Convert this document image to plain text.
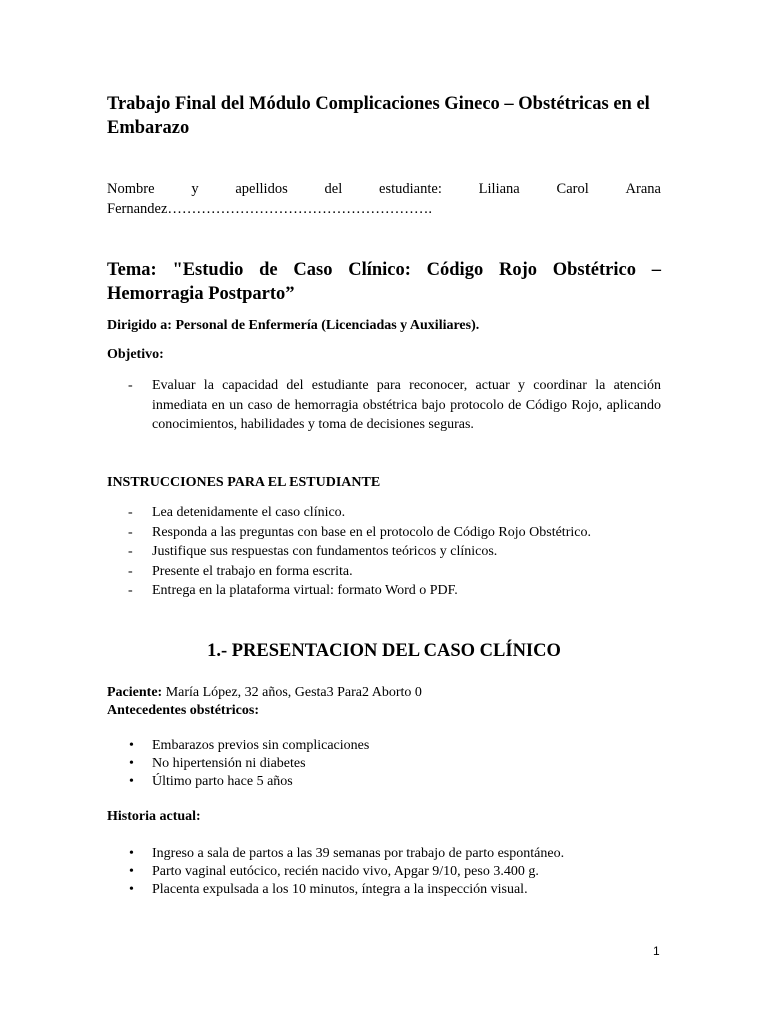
Trabajo Final del Módulo Complicaciones Gineco – Obstétricas en el Embarazo
Nombre	y	apellidos	del	estudiante:	Liliana	Carol	Arana
Fernandez……………………………………………….
Tema: "Estudio de Caso Clínico: Código Rojo Obstétrico –
Hemorragia Postparto”
Dirigido a: Personal de Enfermería (Licenciadas y Auxiliares).
Objetivo:
- Evaluar la capacidad del estudiante para reconocer, actuar y coordinar la atención inmediata en un caso de hemorragia obstétrica bajo protocolo de Código Rojo, aplicando conocimientos, habilidades y toma de decisiones seguras.
INSTRUCCIONES PARA EL ESTUDIANTE
- Lea detenidamente el caso clínico.
- Responda a las preguntas con base en el protocolo de Código Rojo Obstétrico.
- Justifique sus respuestas con fundamentos teóricos y clínicos.
- Presente el trabajo en forma escrita.
- Entrega en la plataforma virtual: formato Word o PDF.
1.- PRESENTACION DEL CASO CLÍNICO
Paciente: María López, 32 años, Gesta3 Para2 Aborto 0
Antecedentes obstétricos:
• Embarazos previos sin complicaciones
• No hipertensión ni diabetes
• Último parto hace 5 años
Historia actual:
• Ingreso a sala de partos a las 39 semanas por trabajo de parto espontáneo.
• Parto vaginal eutócico, recién nacido vivo, Apgar 9/10, peso 3.400 g.
• Placenta expulsada a los 10 minutos, íntegra a la inspección visual.
1
